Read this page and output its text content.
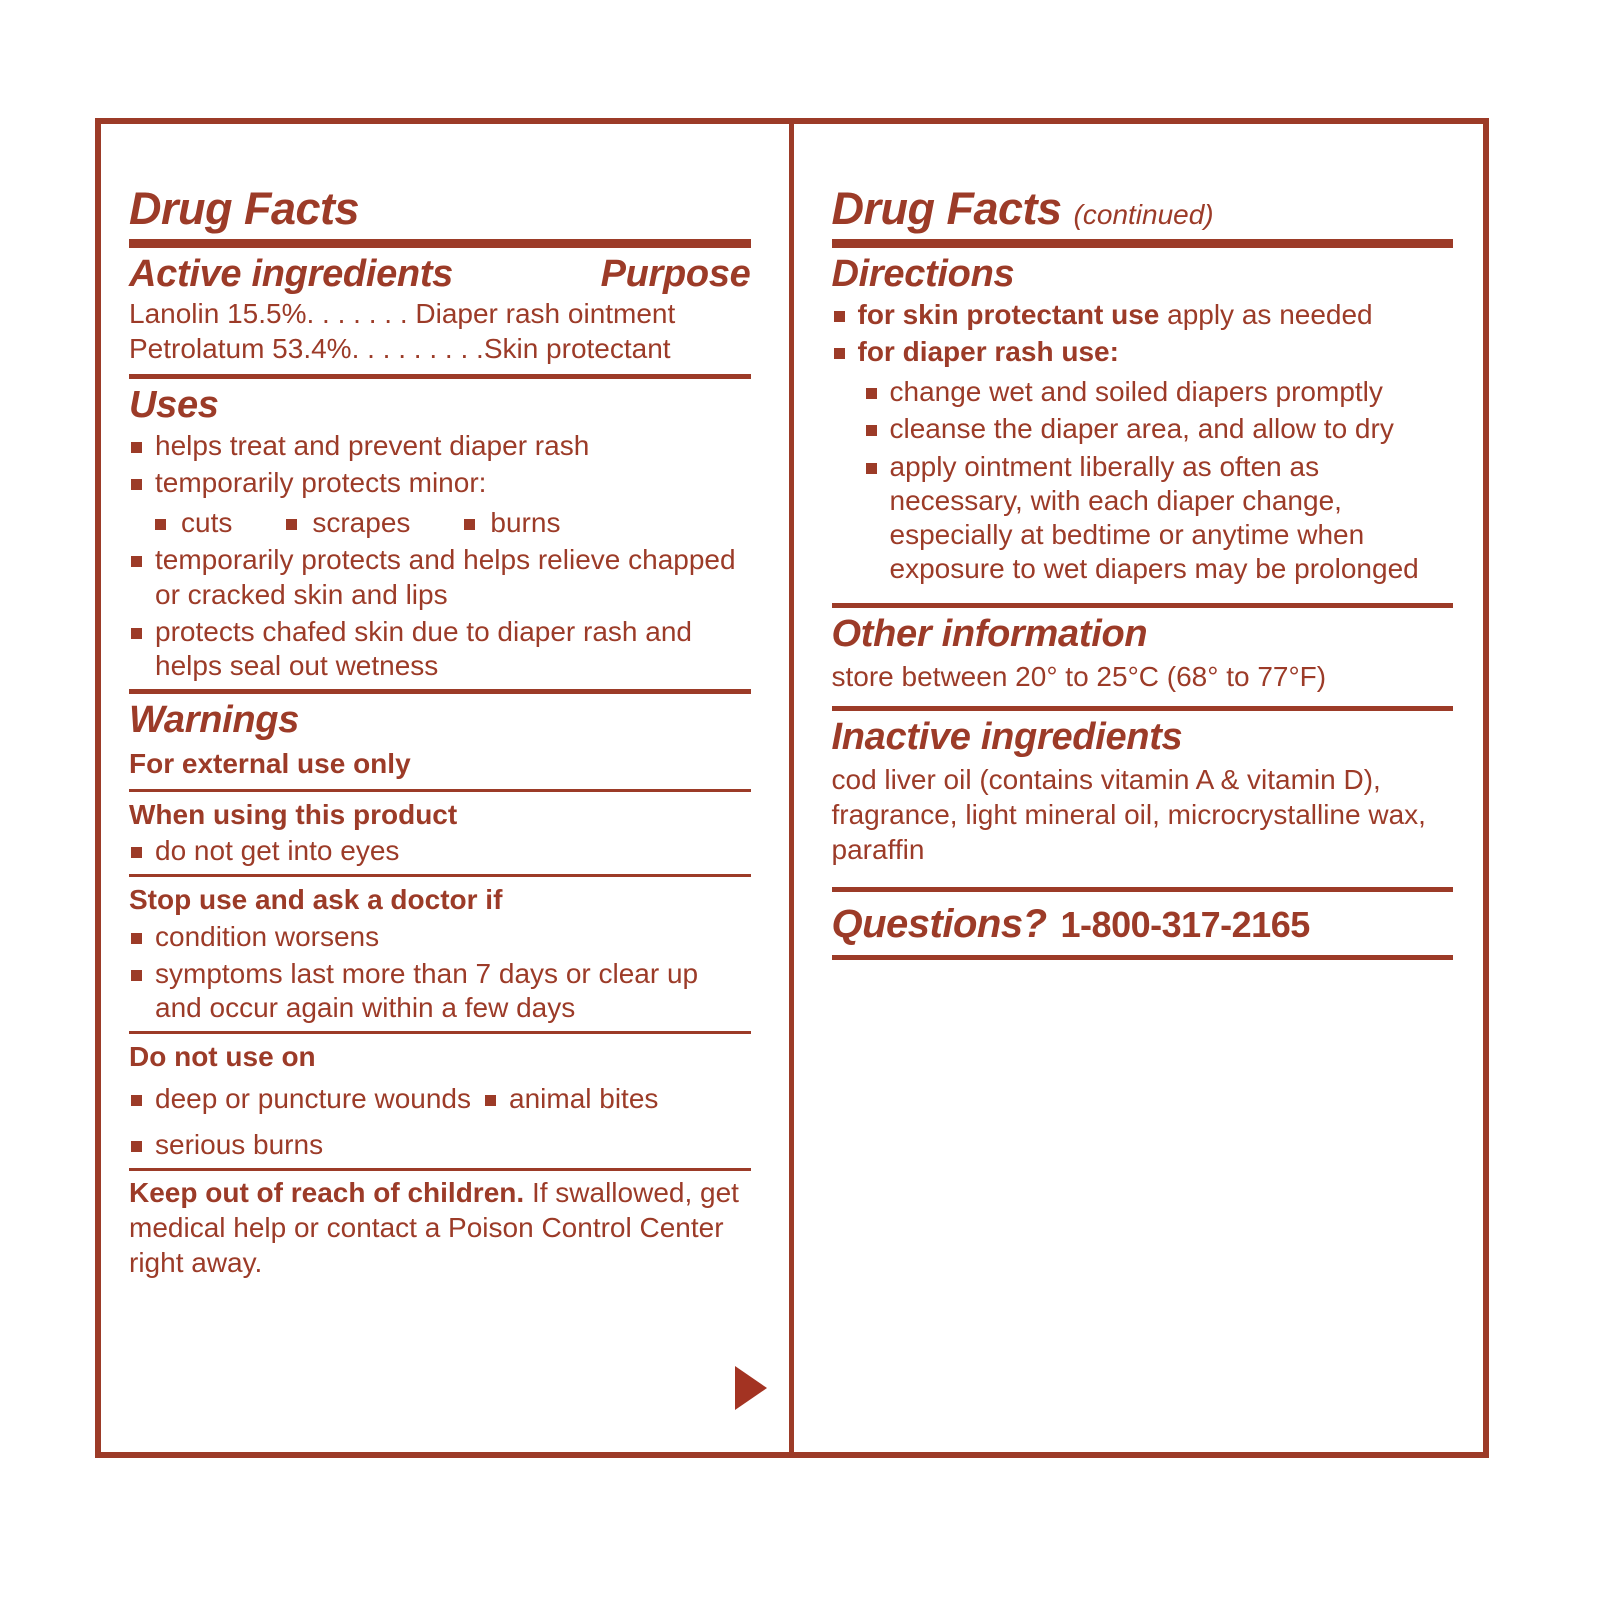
Drug Facts
Active ingredients	Purpose
Lanolin 15.5%. . . . . . . Diaper rash ointment
Petrolatum 53.4%. . . . . . . . .Skin protectant
Uses
helps treat and prevent diaper rash
temporarily protects minor:
cuts	scrapes	burns
temporarily protects and helps relieve chapped or cracked skin and lips
protects chafed skin due to diaper rash and helps seal out wetness
Warnings
For external use only
When using this product
do not get into eyes
Stop use and ask a doctor if
condition worsens
symptoms last more than 7 days or clear up and occur again within a few days
Do not use on
deep or puncture wounds	animal bites
serious burns
Keep out of reach of children. If swallowed, get medical help or contact a Poison Control Center right away.
Drug Facts (continued)
Directions
for skin protectant use apply as needed
for diaper rash use:
change wet and soiled diapers promptly
cleanse the diaper area, and allow to dry
apply ointment liberally as often as necessary, with each diaper change, especially at bedtime or anytime when exposure to wet diapers may be prolonged
Other information
store between 20° to 25°C (68° to 77°F)
Inactive ingredients
cod liver oil (contains vitamin A & vitamin D), fragrance, light mineral oil, microcrystalline wax, paraffin
Questions? 1-800-317-2165
